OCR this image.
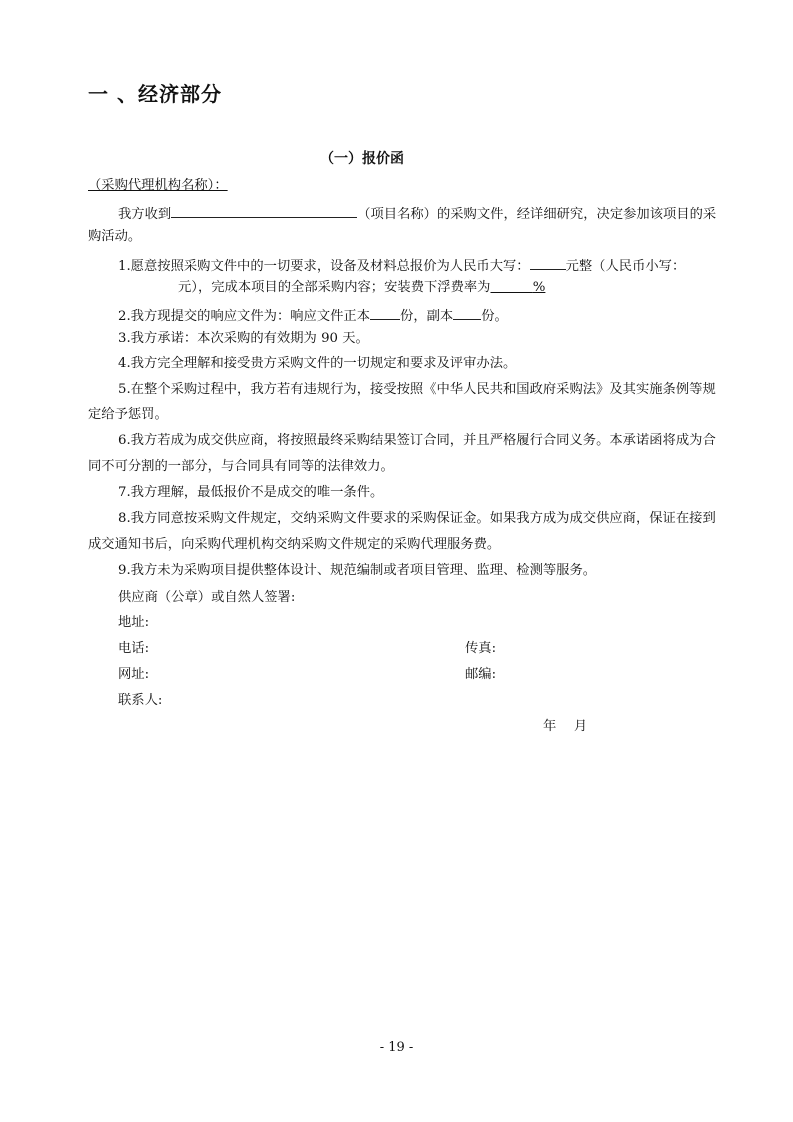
一 、经济部分
（一）报价函
（采购代理机构名称）：
我方收到	（项目名称）的采购文件，经详细研究，决定参加该项目的采
购活动。
1.愿意按照采购文件中的一切要求，设备及材料总报价为人民币大写：	元整（人民币小写：
元），完成本项目的全部采购内容；安装费下浮费率为	%
2.我方现提交的响应文件为：响应文件正本 份，副本 份。
3.我方承诺：本次采购的有效期为 90 天。
4.我方完全理解和接受贵方采购文件的一切规定和要求及评审办法。
5.在整个采购过程中，我方若有违规行为，接受按照《中华人民共和国政府采购法》及其实施条例等规
定给予惩罚。
6.我方若成为成交供应商，将按照最终采购结果签订合同，并且严格履行合同义务。本承诺函将成为合
同不可分割的一部分，与合同具有同等的法律效力。
7.我方理解，最低报价不是成交的唯一条件。
8.我方同意按采购文件规定，交纳采购文件要求的采购保证金。如果我方成为成交供应商，保证在接到
成交通知书后，向采购代理机构交纳采购文件规定的采购代理服务费。
9.我方未为采购项目提供整体设计、规范编制或者项目管理、监理、检测等服务。
供应商（公章）或自然人签署:
地址:
电话:	传真:
网址:	邮编:
联系人:
年　 月
- 19 -
